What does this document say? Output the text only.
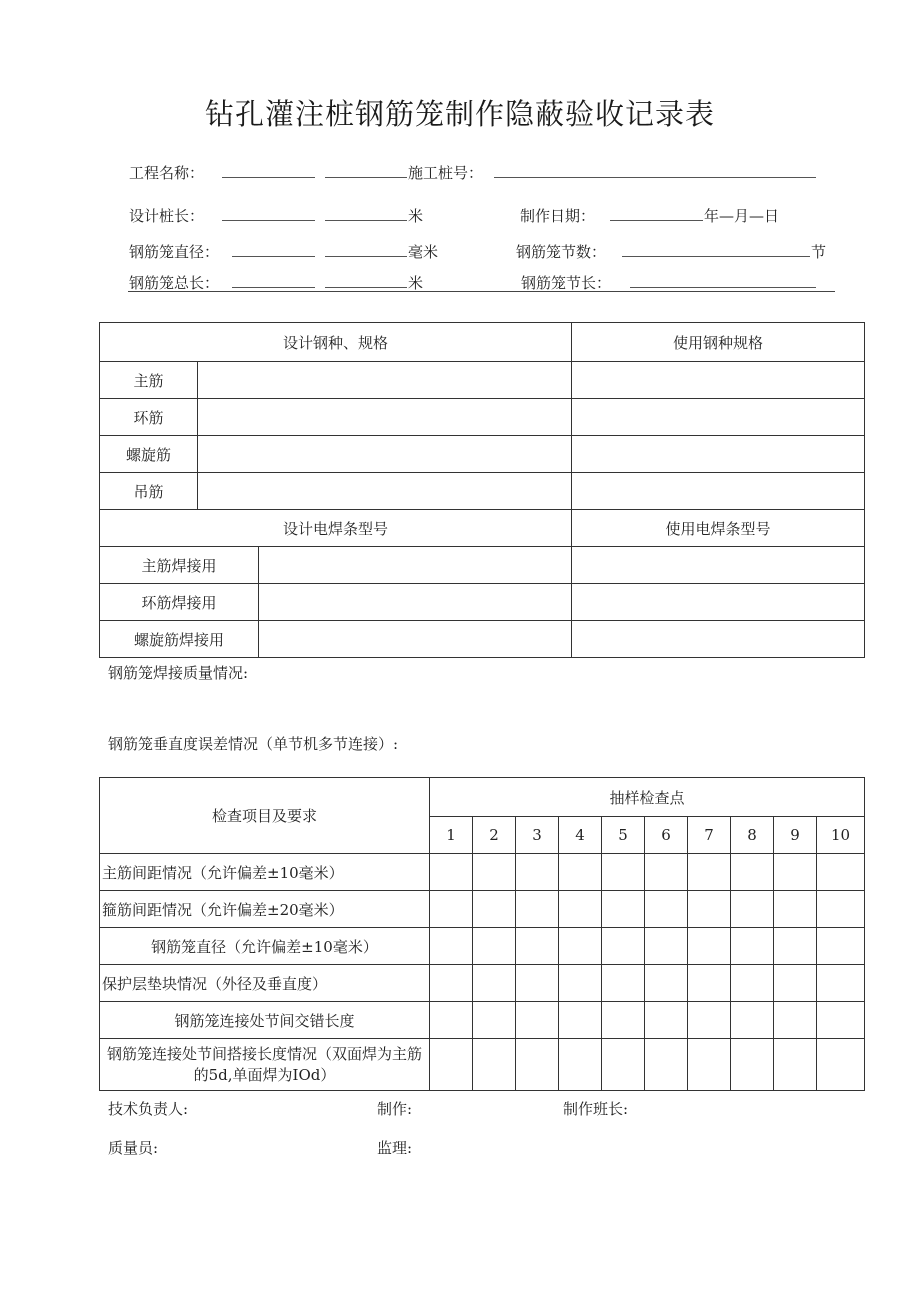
钻孔灌注桩钢筋笼制作隐蔽验收记录表
工程名称：	施工桩号：
设计桩长：	米	制作日期：	年—月—日
钢筋笼直径：	毫米	钢筋笼节数：	节
钢筋笼总长：	米	钢筋笼节长：
设计钢种、规格			使用钢种规格
主筋			
环筋			
螺旋筋			
吊筋			
设计电焊条型号			使用电焊条型号
主筋焊接用			
环筋焊接用			
螺旋筋焊接用			
钢筋笼焊接质量情况:
钢筋笼垂直度误差情况（单节机多节连接）:
检查项目及要求	抽样检查点									
	1	2	3	4	5	6	7	8	9	10
主筋间距情况（允许偏差±10毫米）										
箍筋间距情况（允许偏差±20毫米）										
钢筋笼直径（允许偏差±10毫米）										
保护层垫块情况（外径及垂直度）										
钢筋笼连接处节间交错长度										
钢筋笼连接处节间搭接长度情况（双面焊为主筋的5d,单面焊为IOd）										
技术负责人:	制作:	制作班长:
质量员:	监理:
